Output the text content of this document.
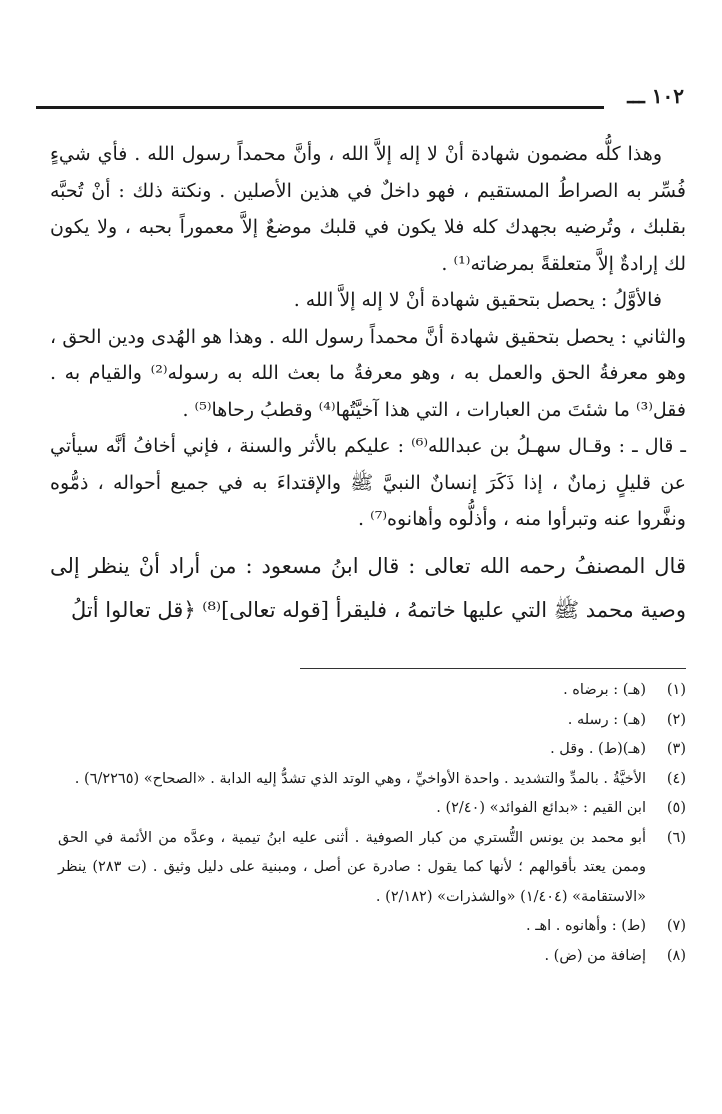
١٠٢ ـــ

وهذا كلُّه مضمون شهادة أنْ لا إله إلاَّ الله ، وأنَّ محمداً رسول الله . فأي شيءٍ فُسِّر به الصراطُ المستقيم ، فهو داخلٌ في هذين الأصلين . ونكتة ذلك : أنْ تُحبَّه بقلبك ، وتُرضيه بجهدك كله فلا يكون في قلبك موضعٌ إلاَّ معموراً بحبه ، ولا يكون لك إرادةٌ إلاَّ متعلقةً بمرضاته⁽¹⁾ .

فالأوَّلُ : يحصل بتحقيق شهادة أنْ لا إله إلاَّ الله .

والثاني : يحصل بتحقيق شهادة أنَّ محمداً رسول الله . وهذا هو الهُدى ودين الحق ، وهو معرفةُ الحق والعمل به ، وهو معرفةُ ما بعث الله به رسوله⁽²⁾ والقيام به . فقل⁽³⁾ ما شئتَ من العبارات ، التي هذا آخيَّتُها⁽⁴⁾ وقطبُ رحاها⁽⁵⁾ .

ـ قال ـ : وقـال سهـلُ بن عبدالله⁽⁶⁾ : عليكم بالأثر والسنة ، فإني أخافُ أنَّه سيأتي عن قليلٍ زمانٌ ، إذا ذَكَرَ إنسانٌ النبيَّ ﷺ والإقتداءَ به في جميع أحواله ، ذمُّوه ونفَّروا عنه وتبرأوا منه ، وأذلُّوه وأهانوه⁽⁷⁾ .

قال المصنفُ رحمه الله تعالى : قال ابنُ مسعود : من أراد أنْ ينظر إلى وصية محمد ﷺ التي عليها خاتمهُ ، فليقرأ [قوله تعالى]⁽⁸⁾ ﴿قل تعالوا أتلُ

(١)
(هـ) : برضاه .
(٢)
(هـ) : رسله .
(٣)
(هـ)(ط) . وقل .
(٤)
الأخيَّةُ . بالمدِّ والتشديد . واحدة الأواخيِّ ، وهي الوتد الذي تشدُّ إليه الدابة . «الصحاح» (٦/٢٢٦٥) .
(٥)
ابن القيم : «بدائع الفوائد» (٢/٤٠) .
(٦)
أبو محمد بن يونس التُّستري من كبار الصوفية . أثنى عليه ابنُ تيمية ، وعدَّه من الأئمة في الحق وممن يعتد بأقوالهم ؛ لأنها كما يقول : صادرة عن أصل ، ومبنية على دليل وثيق . (ت ٢٨٣) ينظر «الاستقامة» (١/٤٠٤) «والشذرات» (٢/١٨٢) .
(٧)
(ط) : وأهانوه . اهـ .
(٨)
إضافة من (ض) .
